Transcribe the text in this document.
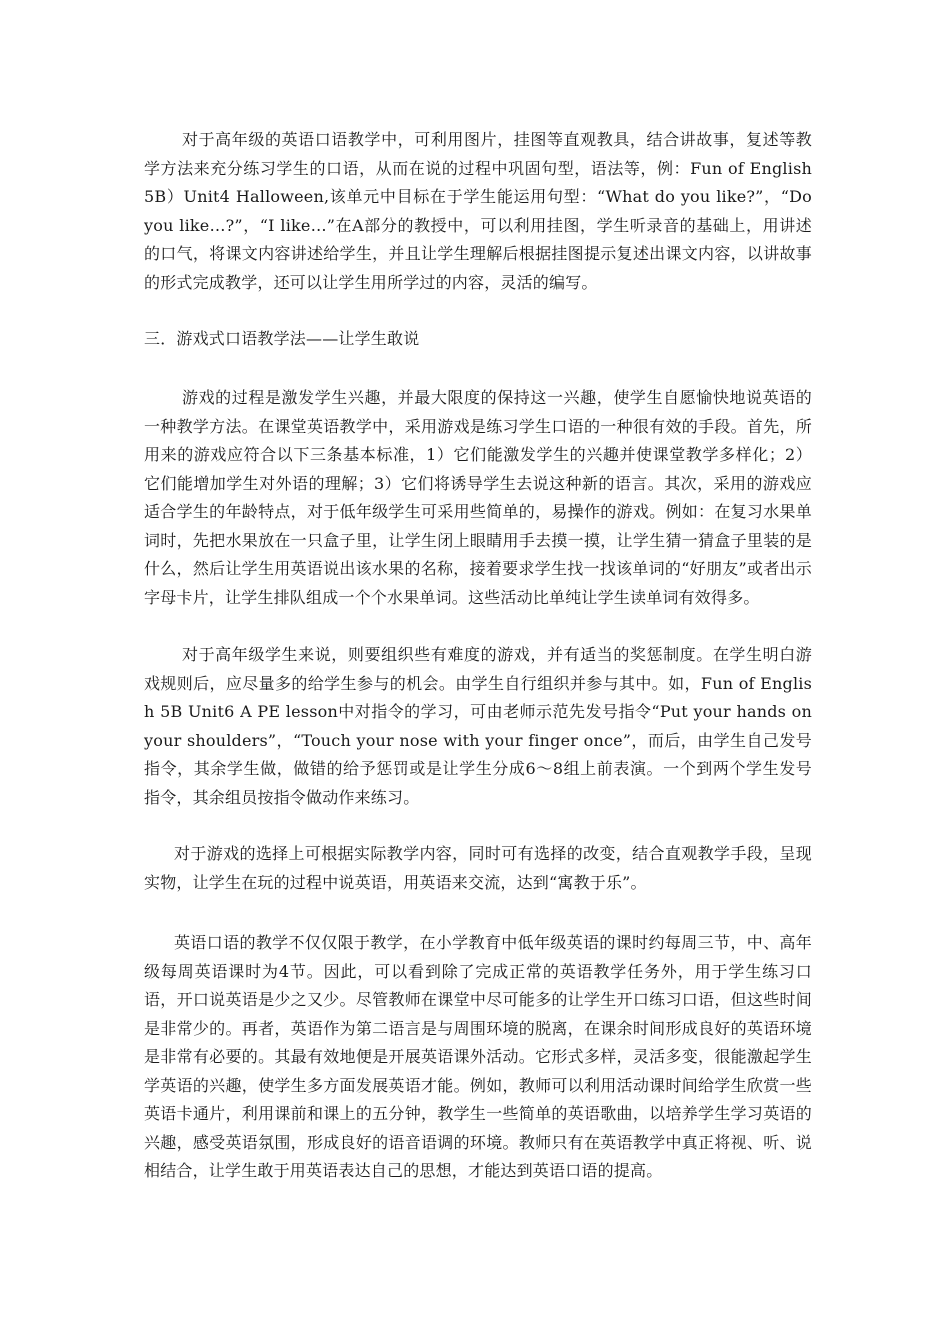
对于高年级的英语口语教学中，可利用图片，挂图等直观教具，结合讲故事，复述等教学方法来充分练习学生的口语，从而在说的过程中巩固句型，语法等，例：Fun of English 5B）Unit4 Halloween,该单元中目标在于学生能运用句型：“What do you like?”，“Do you like…?”，“I like…”在A部分的教授中，可以利用挂图，学生听录音的基础上，用讲述的口气，将课文内容讲述给学生，并且让学生理解后根据挂图提示复述出课文内容，以讲故事的形式完成教学，还可以让学生用所学过的内容，灵活的编写。

三．游戏式口语教学法——让学生敢说

游戏的过程是激发学生兴趣，并最大限度的保持这一兴趣，使学生自愿愉快地说英语的一种教学方法。在课堂英语教学中，采用游戏是练习学生口语的一种很有效的手段。首先，所用来的游戏应符合以下三条基本标准，1）它们能激发学生的兴趣并使课堂教学多样化；2）它们能增加学生对外语的理解；3）它们将诱导学生去说这种新的语言。其次，采用的游戏应适合学生的年龄特点，对于低年级学生可采用些简单的，易操作的游戏。例如：在复习水果单词时，先把水果放在一只盒子里，让学生闭上眼睛用手去摸一摸，让学生猜一猜盒子里装的是什么，然后让学生用英语说出该水果的名称，接着要求学生找一找该单词的“好朋友”或者出示字母卡片，让学生排队组成一个个水果单词。这些活动比单纯让学生读单词有效得多。

对于高年级学生来说，则要组织些有难度的游戏，并有适当的奖惩制度。在学生明白游戏规则后，应尽量多的给学生参与的机会。由学生自行组织并参与其中。如，Fun of English 5B Unit6 A PE lesson中对指令的学习，可由老师示范先发号指令“Put your hands on your shoulders”，“Touch your nose with your finger once”，而后，由学生自己发号指令，其余学生做，做错的给予惩罚或是让学生分成6～8组上前表演。一个到两个学生发号指令，其余组员按指令做动作来练习。

对于游戏的选择上可根据实际教学内容，同时可有选择的改变，结合直观教学手段，呈现实物，让学生在玩的过程中说英语，用英语来交流，达到“寓教于乐”。

英语口语的教学不仅仅限于教学，在小学教育中低年级英语的课时约每周三节，中、高年级每周英语课时为4节。因此，可以看到除了完成正常的英语教学任务外，用于学生练习口语，开口说英语是少之又少。尽管教师在课堂中尽可能多的让学生开口练习口语，但这些时间是非常少的。再者，英语作为第二语言是与周围环境的脱离，在课余时间形成良好的英语环境是非常有必要的。其最有效地便是开展英语课外活动。它形式多样，灵活多变，很能激起学生学英语的兴趣，使学生多方面发展英语才能。例如，教师可以利用活动课时间给学生欣赏一些英语卡通片，利用课前和课上的五分钟，教学生一些简单的英语歌曲，以培养学生学习英语的兴趣，感受英语氛围，形成良好的语音语调的环境。教师只有在英语教学中真正将视、听、说相结合，让学生敢于用英语表达自己的思想，才能达到英语口语的提高。
